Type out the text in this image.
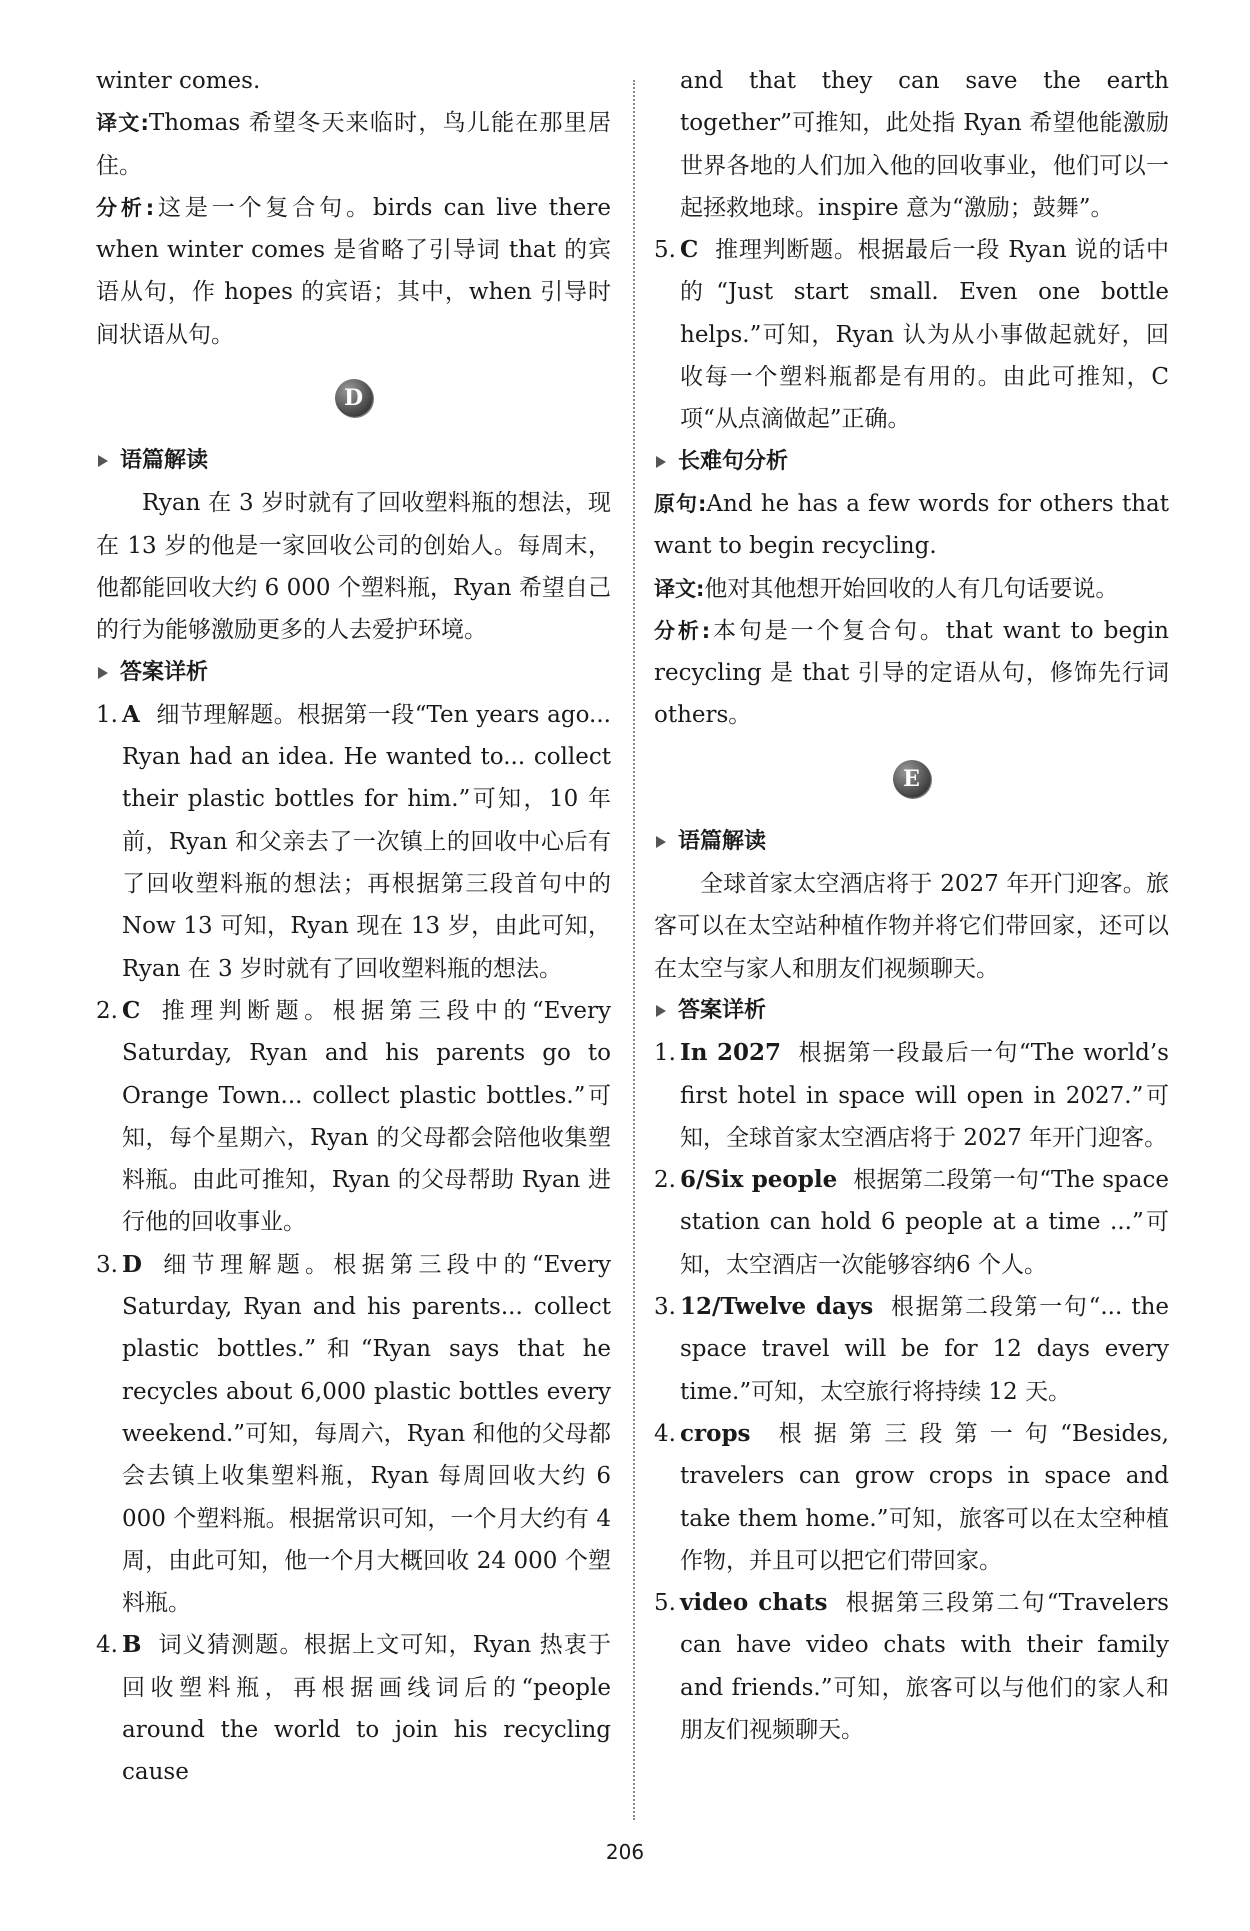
winter comes.

译文:Thomas 希望冬天来临时，鸟儿能在那里居住。

分析:这是一个复合句。birds can live there when winter comes 是省略了引导词 that 的宾语从句，作 hopes 的宾语；其中，when 引导时间状语从句。

D
语篇解读

Ryan 在 3 岁时就有了回收塑料瓶的想法，现在 13 岁的他是一家回收公司的创始人。每周末，他都能回收大约 6 000 个塑料瓶，Ryan 希望自己的行为能够激励更多的人去爱护环境。

答案详析
1. A 细节理解题。根据第一段“Ten years ago... Ryan had an idea. He wanted to... collect their plastic bottles for him.”可知，10 年前，Ryan 和父亲去了一次镇上的回收中心后有了回收塑料瓶的想法；再根据第三段首句中的 Now 13 可知，Ryan 现在 13 岁，由此可知，Ryan 在 3 岁时就有了回收塑料瓶的想法。
2. C 推理判断题。根据第三段中的“Every Saturday, Ryan and his parents go to Orange Town... collect plastic bottles.”可知，每个星期六，Ryan 的父母都会陪他收集塑料瓶。由此可推知，Ryan 的父母帮助 Ryan 进行他的回收事业。
3. D 细节理解题。根据第三段中的“Every Saturday, Ryan and his parents... collect plastic bottles.”和“Ryan says that he recycles about 6,000 plastic bottles every weekend.”可知，每周六，Ryan 和他的父母都会去镇上收集塑料瓶，Ryan 每周回收大约 6 000 个塑料瓶。根据常识可知，一个月大约有 4 周，由此可知，他一个月大概回收 24 000 个塑料瓶。
4. B 词义猜测题。根据上文可知，Ryan 热衷于回收塑料瓶，再根据画线词后的“people around the world to join his recycling cause
and that they can save the earth together”可推知，此处指 Ryan 希望他能激励世界各地的人们加入他的回收事业，他们可以一起拯救地球。inspire 意为“激励；鼓舞”。
5. C 推理判断题。根据最后一段 Ryan 说的话中的“Just start small. Even one bottle helps.”可知，Ryan 认为从小事做起就好，回收每一个塑料瓶都是有用的。由此可推知，C 项“从点滴做起”正确。
长难句分析

原句:And he has a few words for others that want to begin recycling.

译文:他对其他想开始回收的人有几句话要说。

分析:本句是一个复合句。that want to begin recycling 是 that 引导的定语从句，修饰先行词 others。

E
语篇解读

全球首家太空酒店将于 2027 年开门迎客。旅客可以在太空站种植作物并将它们带回家，还可以在太空与家人和朋友们视频聊天。

答案详析
1. In 2027 根据第一段最后一句“The world’s first hotel in space will open in 2027.”可知，全球首家太空酒店将于 2027 年开门迎客。
2. 6/Six people 根据第二段第一句“The space station can hold 6 people at a time ...”可知，太空酒店一次能够容纳6 个人。
3. 12/Twelve days 根据第二段第一句“... the space travel will be for 12 days every time.”可知，太空旅行将持续 12 天。
4. crops 根据第三段第一句“Besides, travelers can grow crops in space and take them home.”可知，旅客可以在太空种植作物，并且可以把它们带回家。
5. video chats 根据第三段第二句“Travelers can have video chats with their family and friends.”可知，旅客可以与他们的家人和朋友们视频聊天。
206
